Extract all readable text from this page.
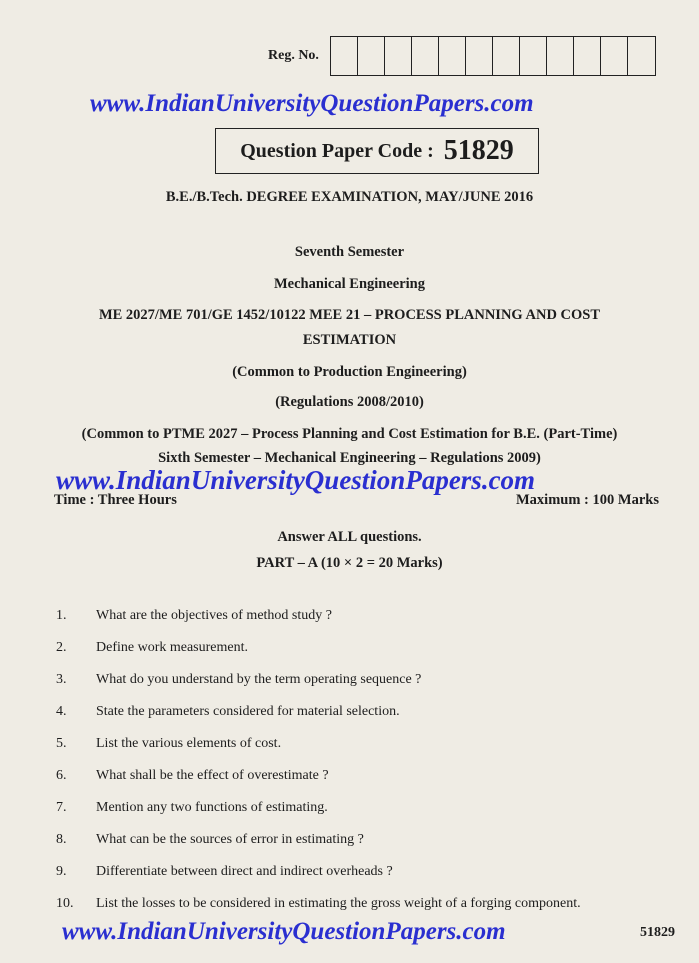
Reg. No.
www.IndianUniversityQuestionPapers.com
Question Paper Code : 51829
B.E./B.Tech. DEGREE EXAMINATION, MAY/JUNE 2016
Seventh Semester
Mechanical Engineering
ME 2027/ME 701/GE 1452/10122 MEE 21 – PROCESS PLANNING AND COST
ESTIMATION
(Common to Production Engineering)
(Regulations 2008/2010)
(Common to PTME 2027 – Process Planning and Cost Estimation for B.E. (Part-Time)
Sixth Semester – Mechanical Engineering – Regulations 2009)
www.IndianUniversityQuestionPapers.com
Time : Three Hours	Maximum : 100 Marks
Answer ALL questions.
PART – A (10 × 2 = 20 Marks)
1. What are the objectives of method study ?
2. Define work measurement.
3. What do you understand by the term operating sequence ?
4. State the parameters considered for material selection.
5. List the various elements of cost.
6. What shall be the effect of overestimate ?
7. Mention any two functions of estimating.
8. What can be the sources of error in estimating ?
9. Differentiate between direct and indirect overheads ?
10. List the losses to be considered in estimating the gross weight of a forging component.
www.IndianUniversityQuestionPapers.com	51829
